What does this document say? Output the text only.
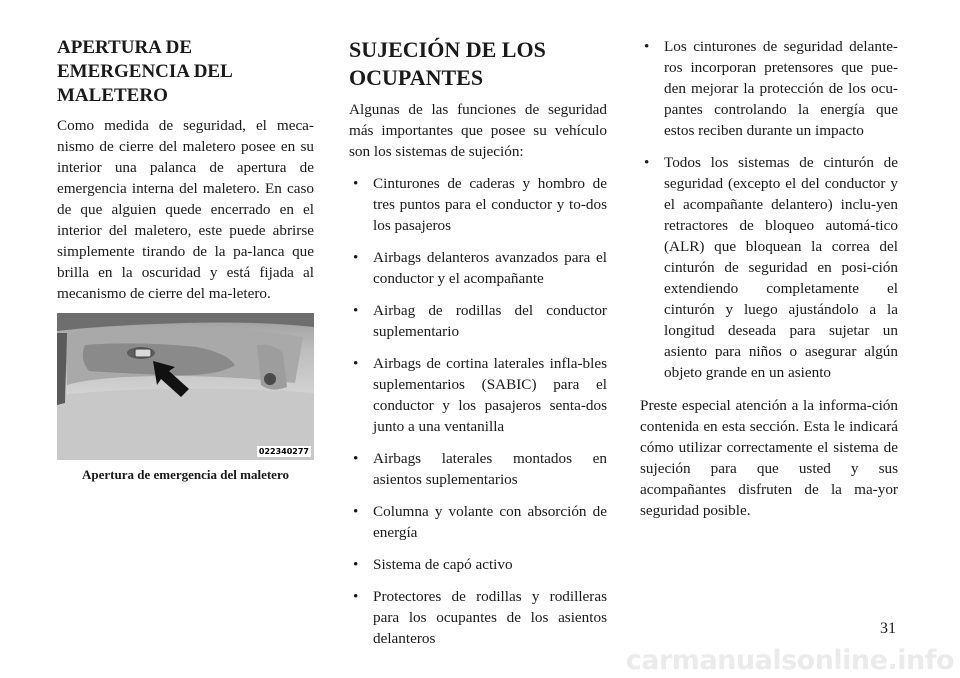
APERTURA DE EMERGENCIA DEL MALETERO

Como medida de seguridad, el meca-nismo de cierre del maletero posee en su interior una palanca de apertura de emergencia interna del maletero. En caso de que alguien quede encerrado en el interior del maletero, este puede abrirse simplemente tirando de la pa-lanca que brilla en la oscuridad y está fijada al mecanismo de cierre del ma-letero.

022340277
Apertura de emergencia del maletero
SUJECIÓN DE LOS OCUPANTES

Algunas de las funciones de seguridad más importantes que posee su vehículo son los sistemas de sujeción:

• Cinturones de caderas y hombro de tres puntos para el conductor y to-dos los pasajeros
• Airbags delanteros avanzados para el conductor y el acompañante
• Airbag de rodillas del conductor suplementario
• Airbags de cortina laterales infla-bles suplementarios (SABIC) para el conductor y los pasajeros senta-dos junto a una ventanilla
• Airbags laterales montados en asientos suplementarios
• Columna y volante con absorción de energía
• Sistema de capó activo
• Protectores de rodillas y rodilleras para los ocupantes de los asientos delanteros
• Los cinturones de seguridad delante-ros incorporan pretensores que pue-den mejorar la protección de los ocu-pantes controlando la energía que estos reciben durante un impacto
• Todos los sistemas de cinturón de seguridad (excepto el del conductor y el acompañante delantero) inclu-yen retractores de bloqueo automá-tico (ALR) que bloquean la correa del cinturón de seguridad en posi-ción extendiendo completamente el cinturón y luego ajustándolo a la longitud deseada para sujetar un asiento para niños o asegurar algún objeto grande en un asiento

Preste especial atención a la informa-ción contenida en esta sección. Esta le indicará cómo utilizar correctamente el sistema de sujeción para que usted y sus acompañantes disfruten de la ma-yor seguridad posible.

31
carmanualsonline.info
